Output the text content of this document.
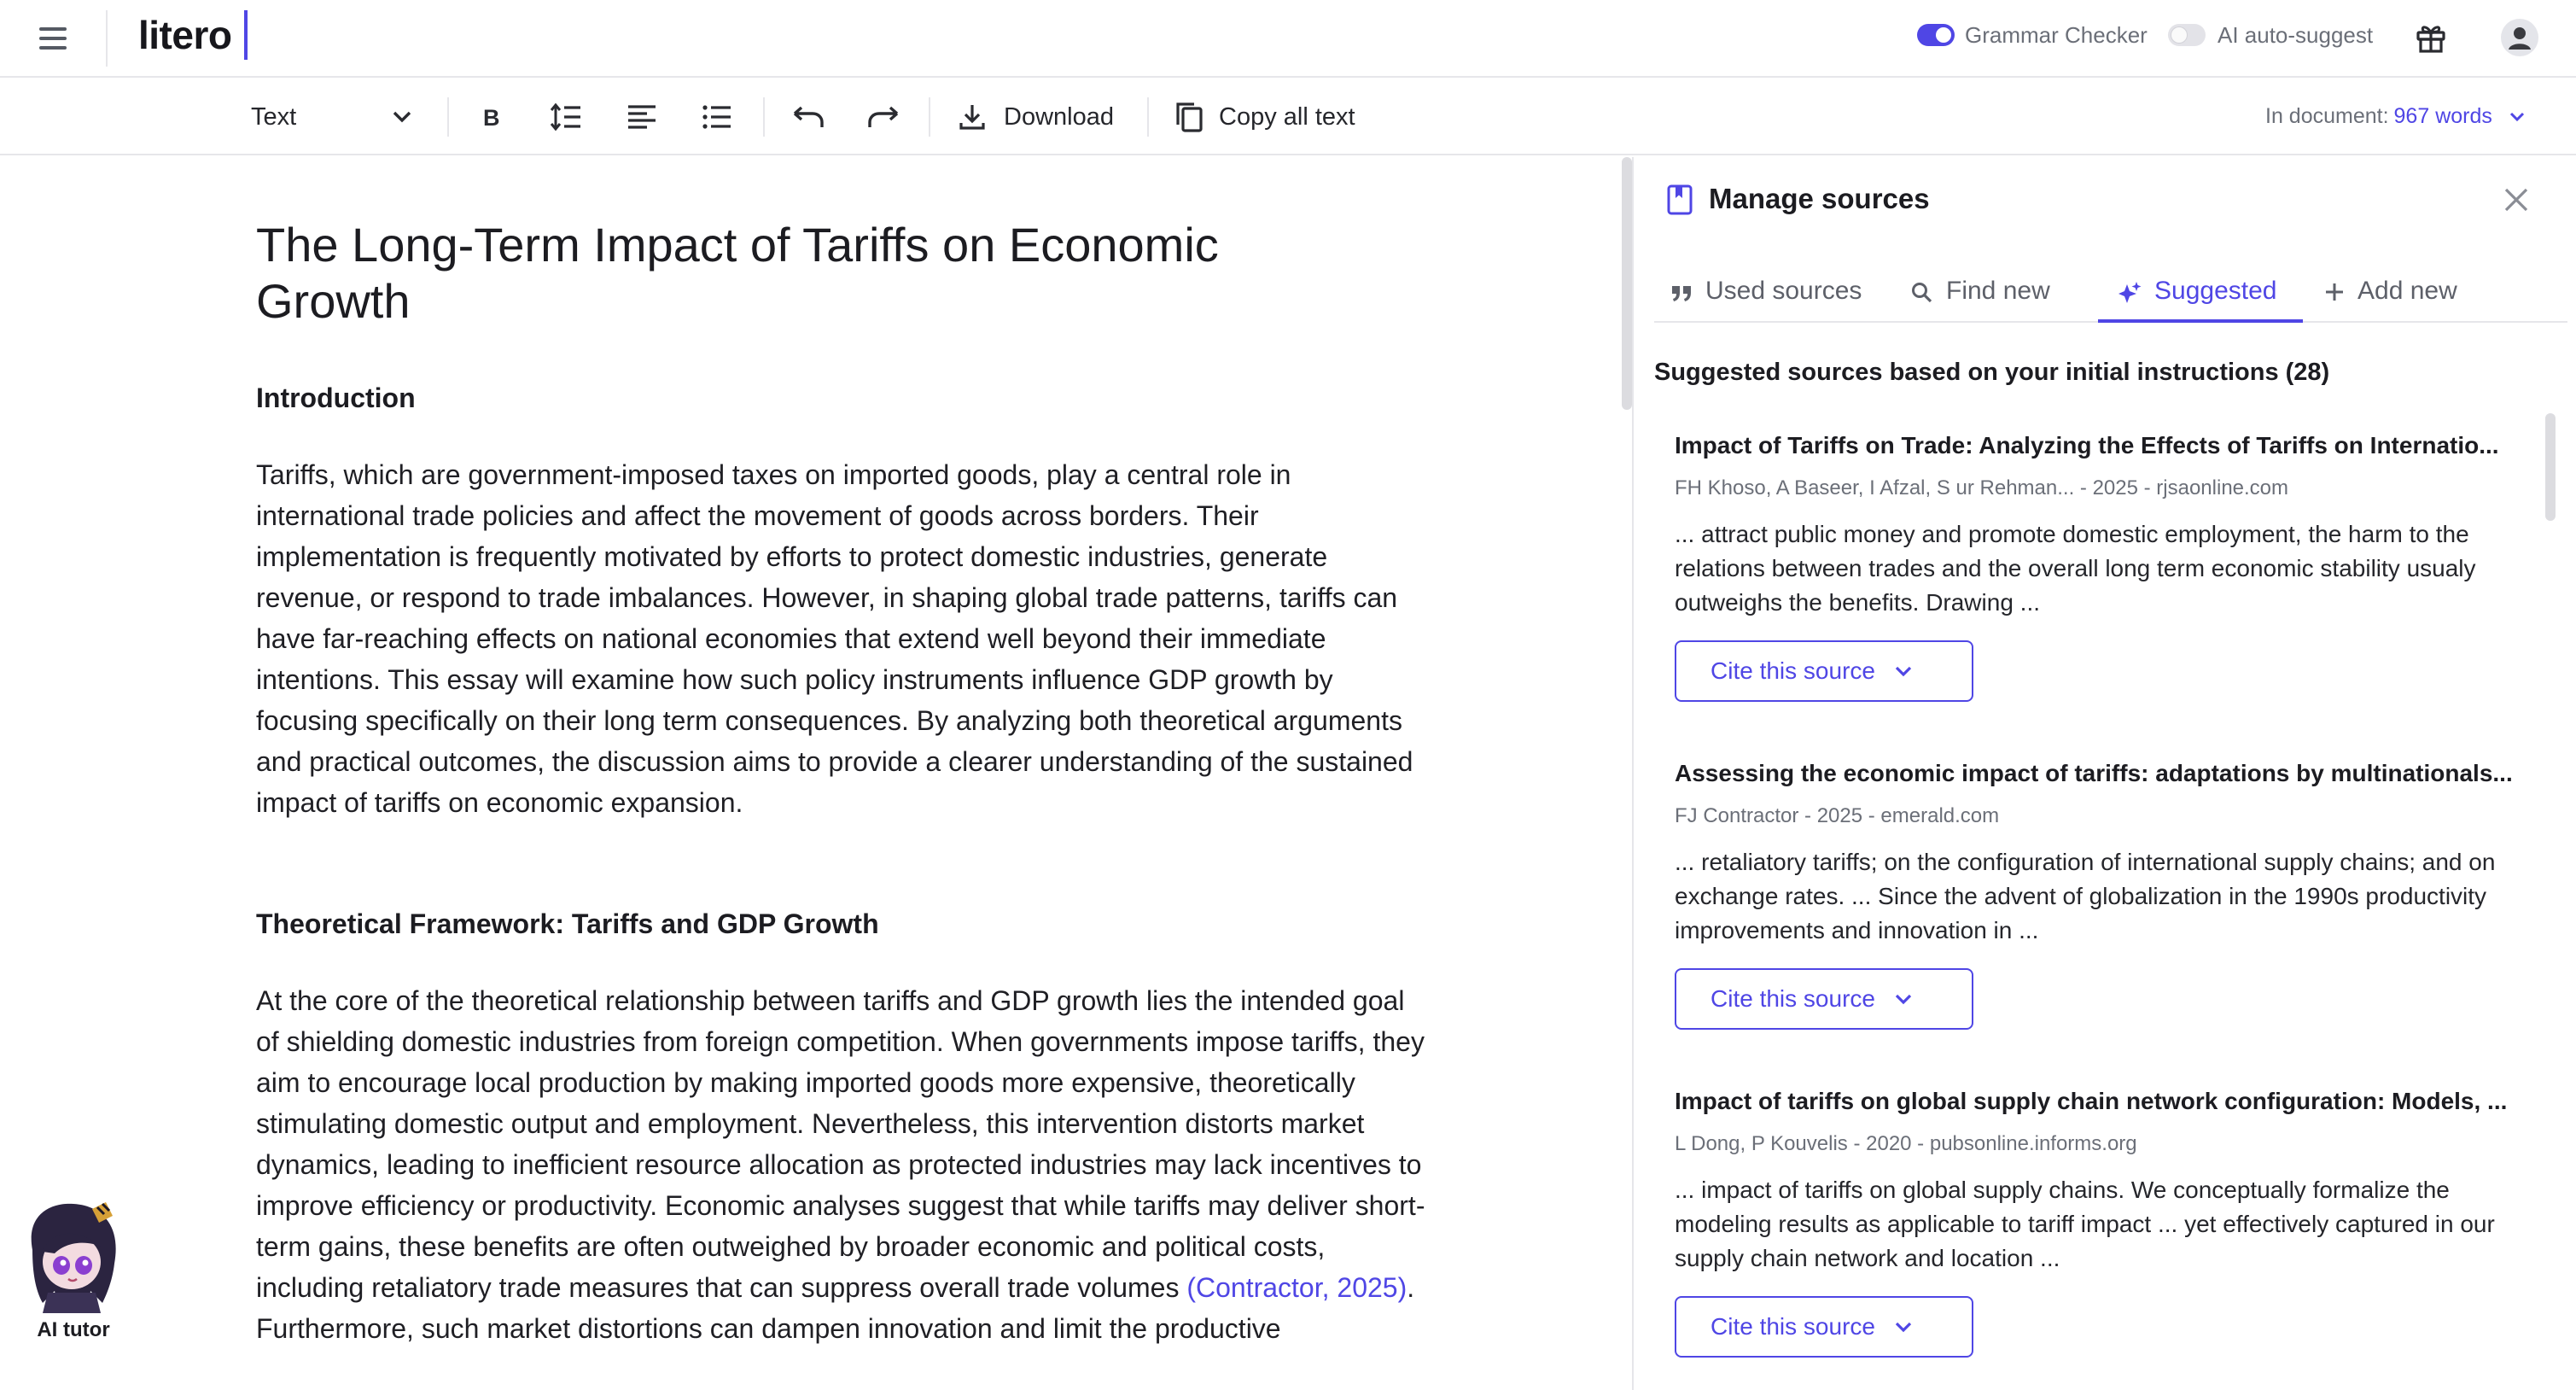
litero	Grammar Checker	AI auto-suggest
Text	B	Download	Copy all text	In document: 967 words
The Long-Term Impact of Tariffs on Economic Growth
Introduction

Tariffs, which are government-imposed taxes on imported goods, play a central role in international trade policies and affect the movement of goods across borders. Their implementation is frequently motivated by efforts to protect domestic industries, generate revenue, or respond to trade imbalances. However, in shaping global trade patterns, tariffs can have far-reaching effects on national economies that extend well beyond their immediate intentions. This essay will examine how such policy instruments influence GDP growth by focusing specifically on their long term consequences. By analyzing both theoretical arguments and practical outcomes, the discussion aims to provide a clearer understanding of the sustained impact of tariffs on economic expansion.

Theoretical Framework: Tariffs and GDP Growth

At the core of the theoretical relationship between tariffs and GDP growth lies the intended goal of shielding domestic industries from foreign competition. When governments impose tariffs, they aim to encourage local production by making imported goods more expensive, theoretically stimulating domestic output and employment. Nevertheless, this intervention distorts market dynamics, leading to inefficient resource allocation as protected industries may lack incentives to improve efficiency or productivity. Economic analyses suggest that while tariffs may deliver short-term gains, these benefits are often outweighed by broader economic and political costs, including retaliatory trade measures that can suppress overall trade volumes (Contractor, 2025). Furthermore, such market distortions can dampen innovation and limit the productive

AI tutor
Manage sources
Used sources	Find new	Suggested	Add new
Suggested sources based on your initial instructions (28)
Impact of Tariffs on Trade: Analyzing the Effects of Tariffs on Internatio...
FH Khoso, A Baseer, I Afzal, S ur Rehman... - 2025 - rjsaonline.com
... attract public money and promote domestic employment, the harm to the relations between trades and the overall long term economic stability usualy outweighs the benefits. Drawing ...
Cite this source
Assessing the economic impact of tariffs: adaptations by multinationals...
FJ Contractor - 2025 - emerald.com
... retaliatory tariffs; on the configuration of international supply chains; and on exchange rates. ... Since the advent of globalization in the 1990s productivity improvements and innovation in ...
Cite this source
Impact of tariffs on global supply chain network configuration: Models, ...
L Dong, P Kouvelis - 2020 - pubsonline.informs.org
... impact of tariffs on global supply chains. We conceptually formalize the modeling results as applicable to tariff impact ... yet effectively captured in our supply chain network and location ...
Cite this source
